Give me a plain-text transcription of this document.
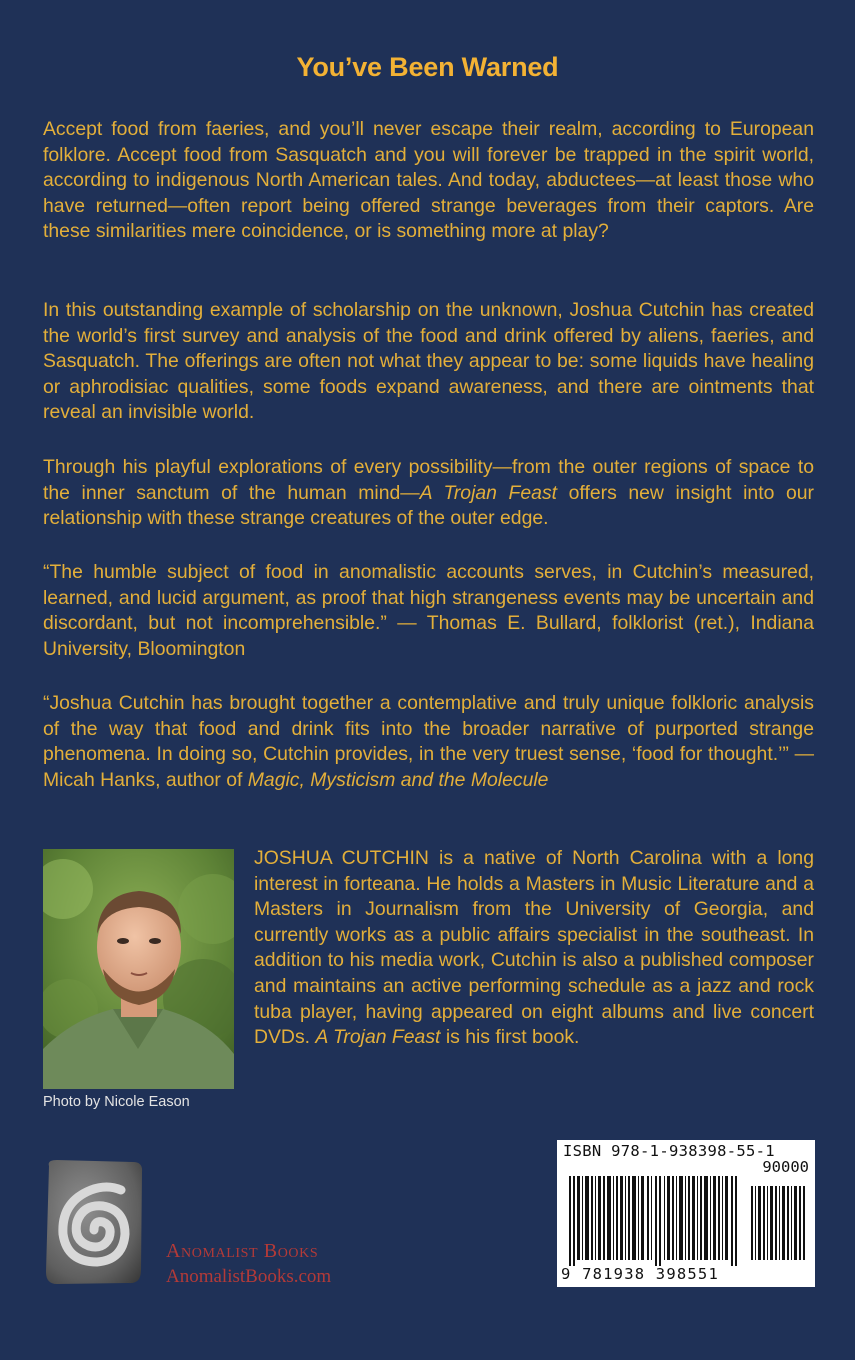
You’ve Been Warned

Accept food from faeries, and you’ll never escape their realm, according to European folklore. Accept food from Sasquatch and you will forever be trapped in the spirit world, according to indigenous North American tales. And today, abductees—at least those who have returned—often report being offered strange beverages from their captors. Are these similarities mere coincidence, or is something more at play?

In this outstanding example of scholarship on the unknown, Joshua Cutchin has created the world’s first survey and analysis of the food and drink offered by aliens, faeries, and Sasquatch. The offerings are often not what they appear to be: some liquids have healing or aphrodisiac qualities, some foods expand awareness, and there are ointments that reveal an invisible world.

Through his playful explorations of every possibility—from the outer regions of space to the inner sanctum of the human mind—A Trojan Feast offers new insight into our relationship with these strange creatures of the outer edge.

“The humble subject of food in anomalistic accounts serves, in Cutchin’s measured, learned, and lucid argument, as proof that high strangeness events may be uncertain and discordant, but not incomprehensible.” — Thomas E. Bullard, folklorist (ret.), Indiana University, Bloomington

“Joshua Cutchin has brought together a contemplative and truly unique folkloric analysis of the way that food and drink fits into the broader narrative of purported strange phenomena. In doing so, Cutchin provides, in the very truest sense, ‘food for thought.’” — Micah Hanks, author of Magic, Mysticism and the Molecule

JOSHUA CUTCHIN is a native of North Carolina with a long interest in forteana. He holds a Masters in Music Literature and a Masters in Journalism from the University of Georgia, and currently works as a public affairs specialist in the southeast. In addition to his media work, Cutchin is also a published composer and maintains an active performing schedule as a jazz and rock tuba player, having appeared on eight albums and live concert DVDs. A Trojan Feast is his first book.

Photo by Nicole Eason
Anomalist Books
AnomalistBooks.com
ISBN 978-1-938398-55-1
90000
9 781938 398551
